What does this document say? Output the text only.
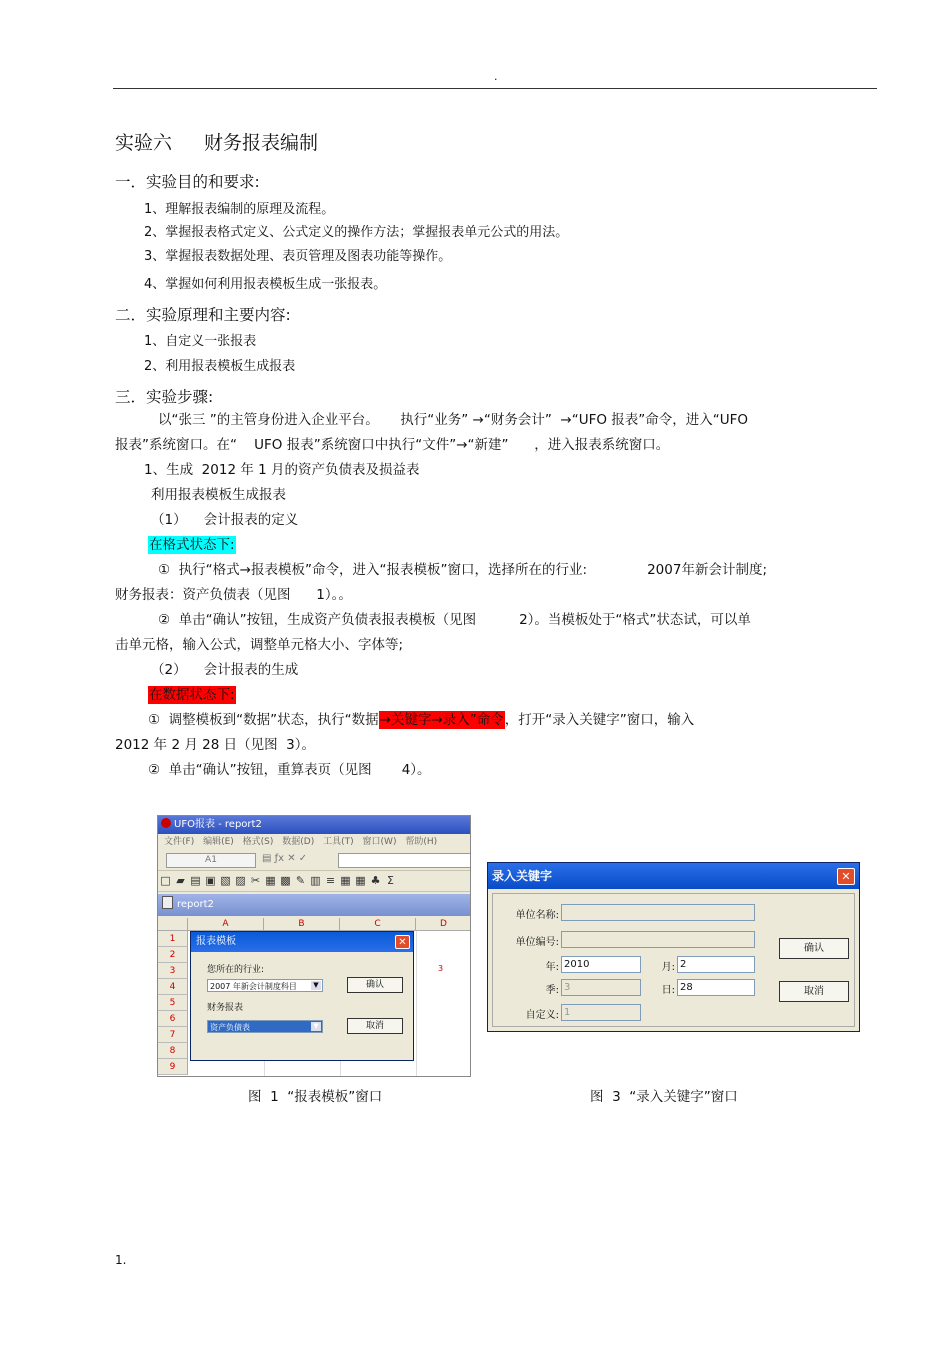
.
实验六 财务报表编制
一．实验目的和要求:
1、理解报表编制的原理及流程。
2、掌握报表格式定义、公式定义的操作方法；掌握报表单元公式的用法。
3、掌握报表数据处理、表页管理及图表功能等操作。
4、掌握如何利用报表模板生成一张报表。
二．实验原理和主要内容:
1、自定义一张报表
2、利用报表模板生成报表
三．实验步骤:
以“张三 ”的主管身份进入企业平台。     执行“业务” →“财务会计”  →“UFO 报表”命令，进入“UFO
报表”系统窗口。在“    UFO 报表”系统窗口中执行“文件”→“新建”      ，进入报表系统窗口。
1、生成  2012 年 1 月的资产负债表及损益表
利用报表模板生成报表
（1）    会计报表的定义
在格式状态下:
①  执行“格式→报表模板”命令，进入“报表模板”窗口，选择所在的行业:              2007年新会计制度;
财务报表：资产负债表（见图      1）。。
②  单击“确认”按钮，生成资产负债表报表模板（见图          2）。当模板处于“格式”状态试，可以单
击单元格，输入公式，调整单元格大小、字体等;
（2）    会计报表的生成
在数据状态下:
①  调整模板到“数据”状态，执行“数据→关键字→录入”命令，打开“录入关键字”窗口，输入
2012 年 2 月 28 日（见图  3）。
②  单击“确认”按钮，重算表页（见图       4）。
UFO报表 - report2
文件(F) 编辑(E) 格式(S) 数据(D) 工具(T) 窗口(W) 帮助(H)
A1	▤ ƒx ✕ ✓
□ ▰ ▤ ▣ ▧ ▨ ✂ ▦ ▩ ✎ ▥ ≡ ▦ ▦ ♣ Σ
report2
A	B	C	D
1
2
3
4
5
6
7
8
9
3
报表模板	✕
您所在的行业:
2007 年新会计制度科目	▼
财务报表
资产负债表	▼
确认
取消
图  1  “报表模板”窗口
录入关键字	✕
单位名称:
单位编号:
年: 2010	月: 2
季: 3	日: 28
自定义: 1
确认
取消
图  3  “录入关键字”窗口
1.
